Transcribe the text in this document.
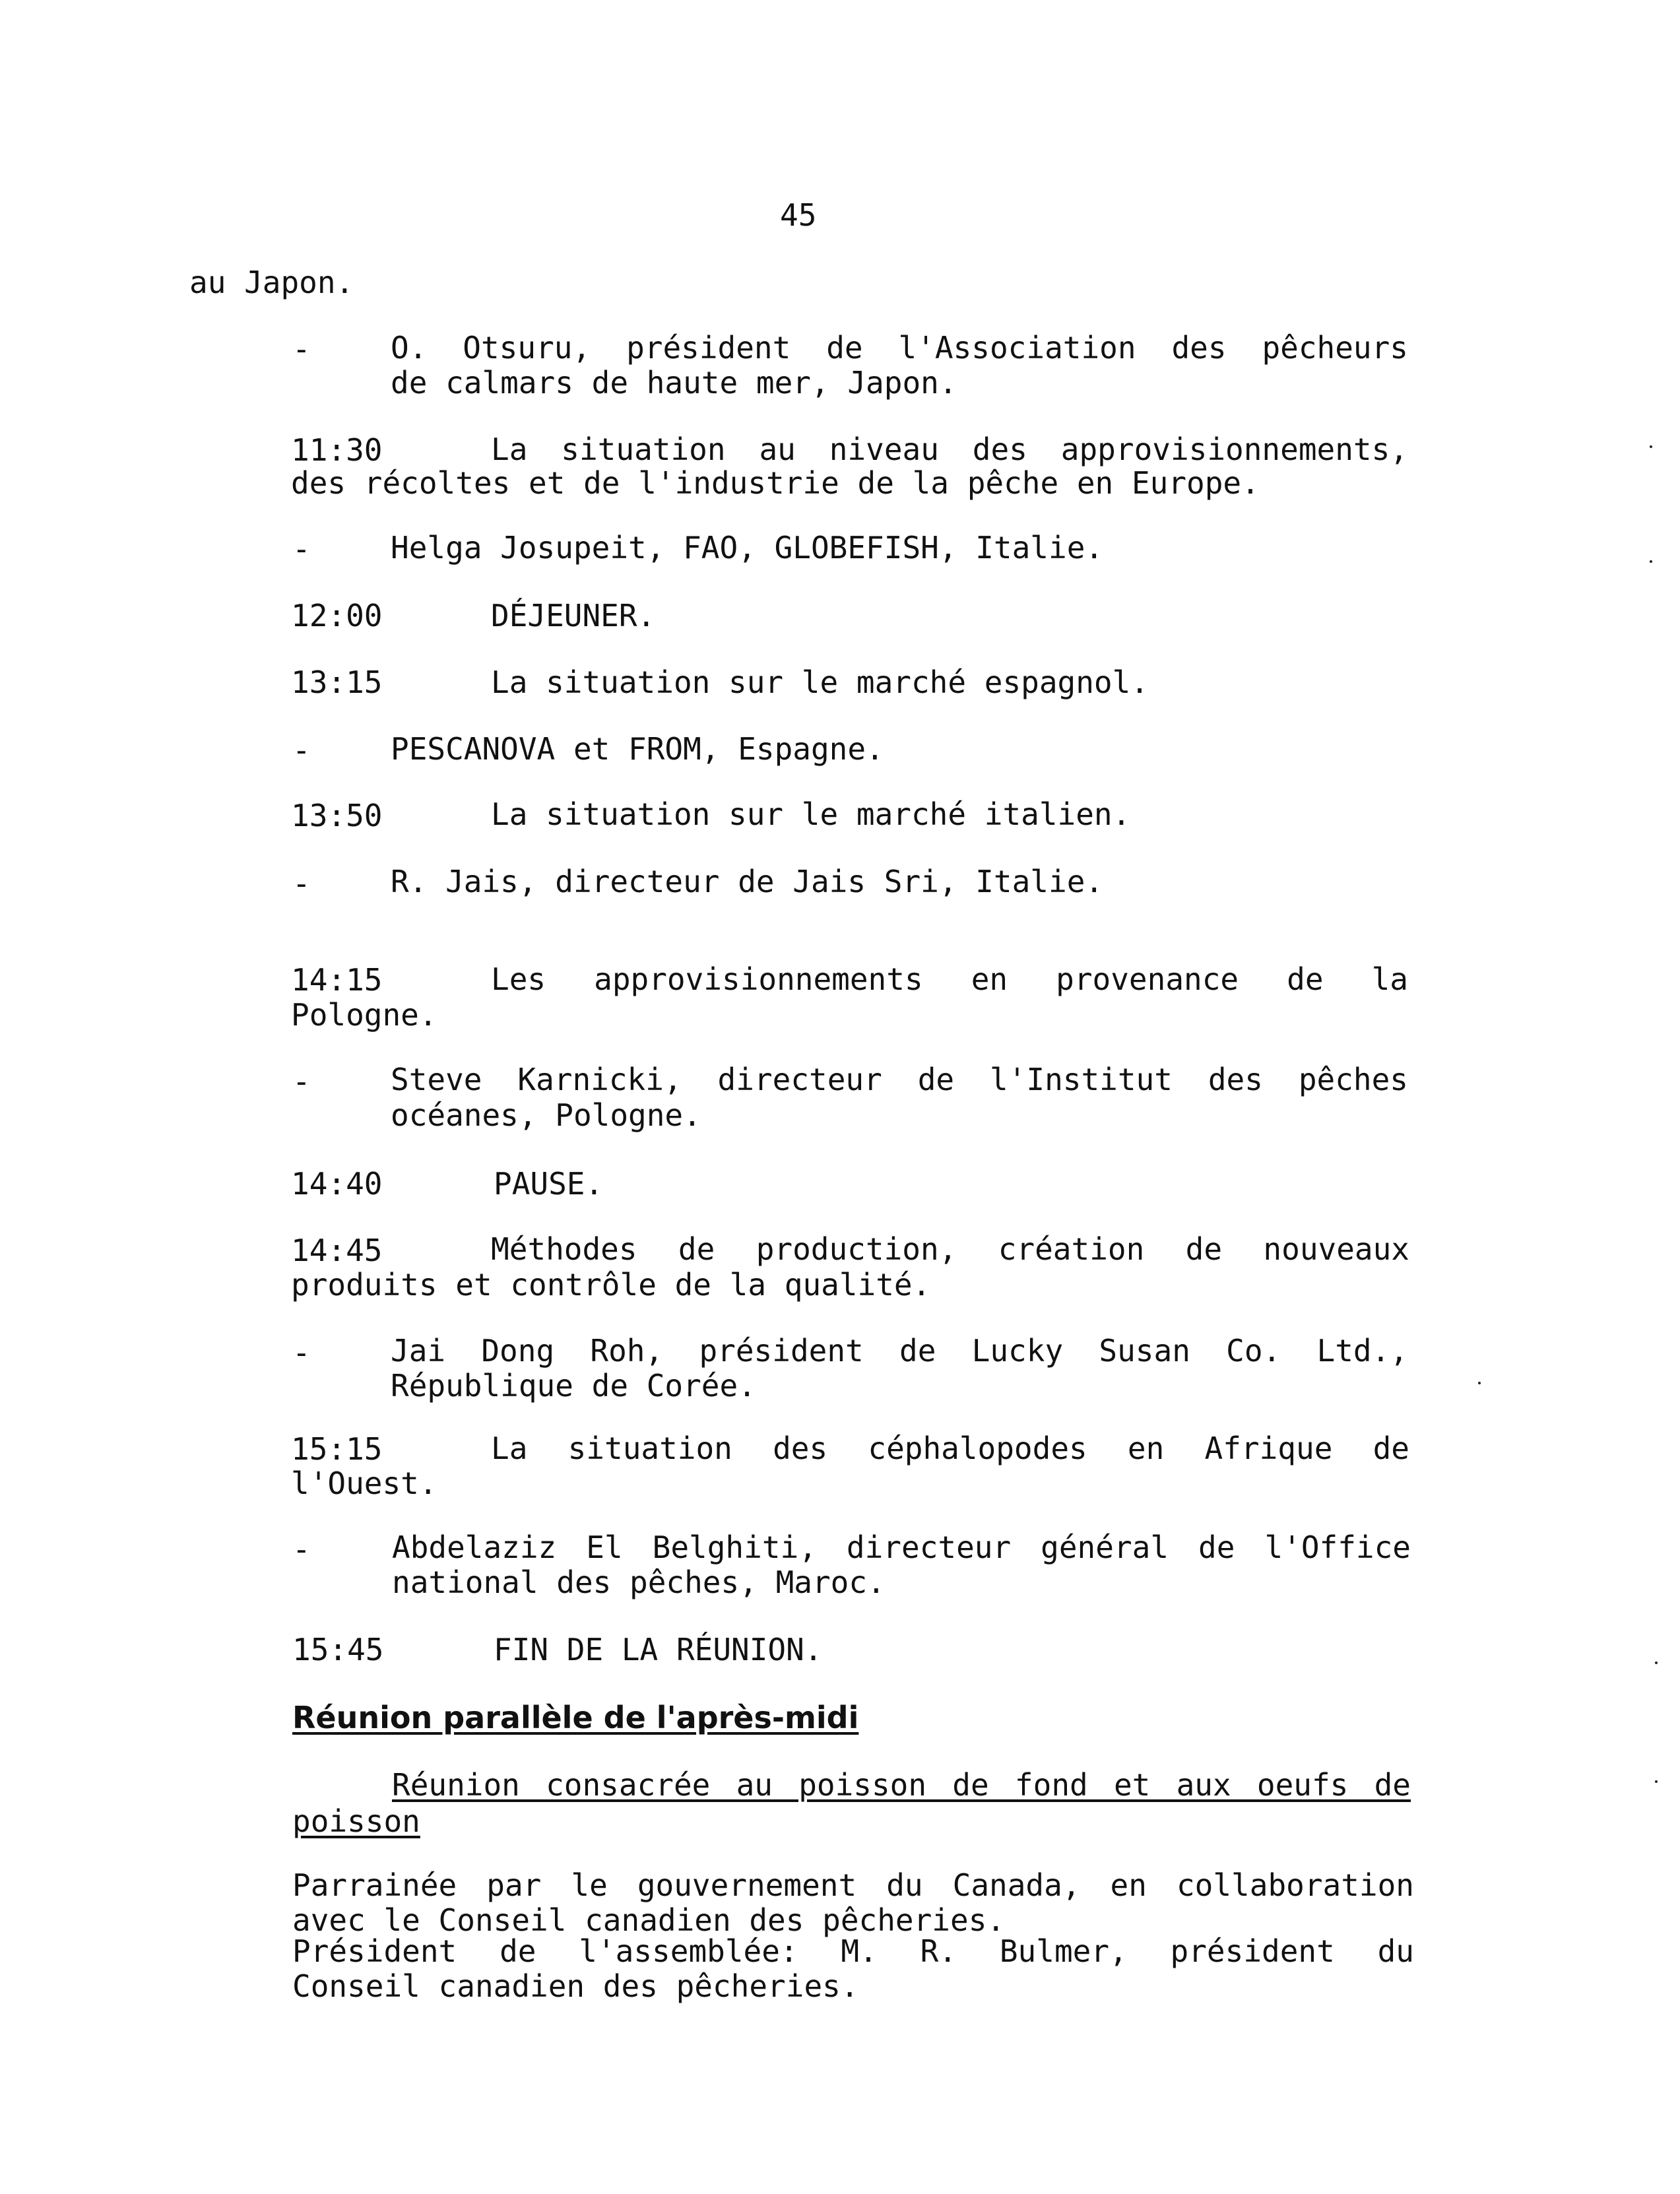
45
au Japon.
-	O. Otsuru, président de l'Association des pêcheurs
de calmars de haute mer, Japon.
11:30	La situation au niveau des approvisionnements,
des récoltes et de l'industrie de la pêche en Europe.
-	Helga Josupeit, FAO, GLOBEFISH, Italie.
12:00	DÉJEUNER.
13:15	La situation sur le marché espagnol.
-	PESCANOVA et FROM, Espagne.
13:50	La situation sur le marché italien.
-	R. Jais, directeur de Jais Sri, Italie.
14:15	Les approvisionnements en provenance de la
Pologne.
-	Steve Karnicki, directeur de l'Institut des pêches
océanes, Pologne.
14:40	PAUSE.
14:45	Méthodes de production, création de nouveaux
produits et contrôle de la qualité.
-	Jai Dong Roh, président de Lucky Susan Co. Ltd.,
République de Corée.
15:15	La situation des céphalopodes en Afrique de
l'Ouest.
-	Abdelaziz El Belghiti, directeur général de l'Office
national des pêches, Maroc.
15:45	FIN DE LA RÉUNION.
Réunion parallèle de l'après-midi
Réunion consacrée au poisson de fond et aux oeufs de
poisson
Parrainée par le gouvernement du Canada, en collaboration
avec le Conseil canadien des pêcheries.
Président de l'assemblée: M. R. Bulmer, président du
Conseil canadien des pêcheries.
